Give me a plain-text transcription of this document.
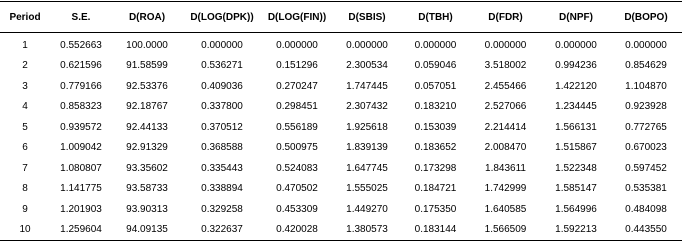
Period	S.E.	D(ROA)	D(LOG(DPK))	D(LOG(FIN))	D(SBIS)	D(TBH)	D(FDR)	D(NPF)	D(BOPO)
1	0.552663	100.0000	0.000000	0.000000	0.000000	0.000000	0.000000	0.000000	0.000000
2	0.621596	91.58599	0.536271	0.151296	2.300534	0.059046	3.518002	0.994236	0.854629
3	0.779166	92.53376	0.409036	0.270247	1.747445	0.057051	2.455466	1.422120	1.104870
4	0.858323	92.18767	0.337800	0.298451	2.307432	0.183210	2.527066	1.234445	0.923928
5	0.939572	92.44133	0.370512	0.556189	1.925618	0.153039	2.214414	1.566131	0.772765
6	1.009042	92.91329	0.368588	0.500975	1.839139	0.183652	2.008470	1.515867	0.670023
7	1.080807	93.35602	0.335443	0.524083	1.647745	0.173298	1.843611	1.522348	0.597452
8	1.141775	93.58733	0.338894	0.470502	1.555025	0.184721	1.742999	1.585147	0.535381
9	1.201903	93.90313	0.329258	0.453309	1.449270	0.175350	1.640585	1.564996	0.484098
10	1.259604	94.09135	0.322637	0.420028	1.380573	0.183144	1.566509	1.592213	0.443550
